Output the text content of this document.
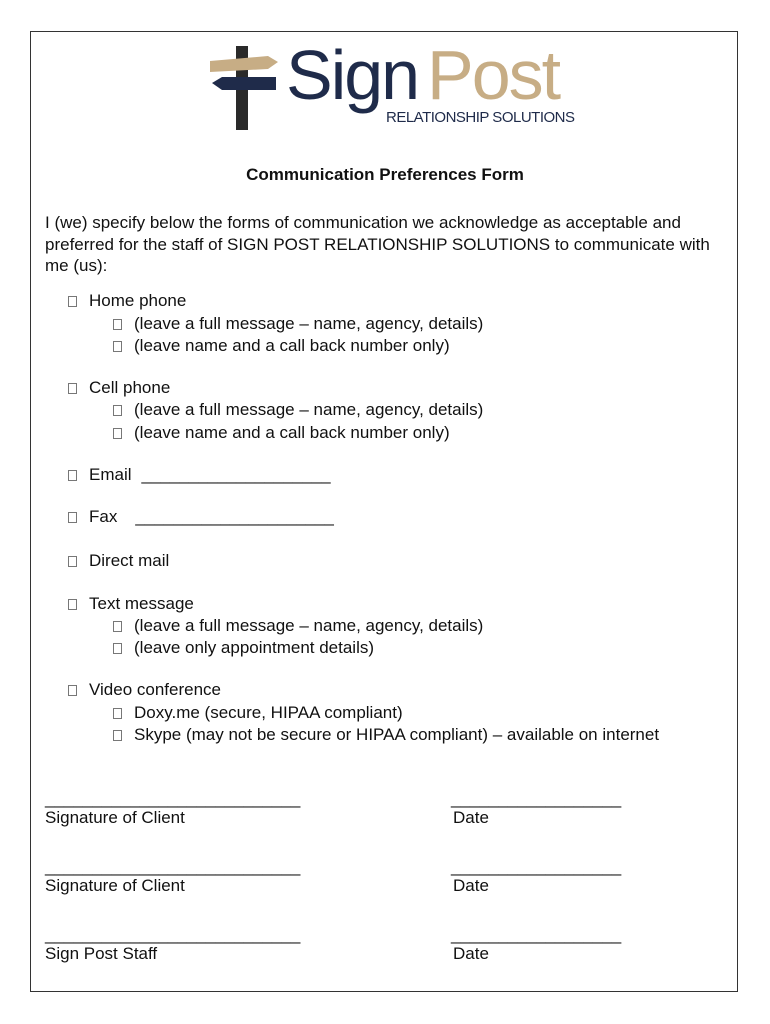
Sign Post
RELATIONSHIP SOLUTIONS
Communication Preferences Form
I (we) specify below the forms of communication we acknowledge as acceptable and preferred for the staff of SIGN POST RELATIONSHIP SOLUTIONS to communicate with me (us):
Home phone
(leave a full message – name, agency, details)
(leave name and a call back number only)
Cell phone
(leave a full message – name, agency, details)
(leave name and a call back number only)
Email ____________________
Fax _____________________
Direct mail
Text message
(leave a full message – name, agency, details)
(leave only appointment details)
Video conference
Doxy.me (secure, HIPAA compliant)
Skype (may not be secure or HIPAA compliant) – available on internet
___________________________
Signature of Client
__________________
Date
___________________________
Signature of Client
__________________
Date
___________________________
Sign Post Staff
__________________
Date
